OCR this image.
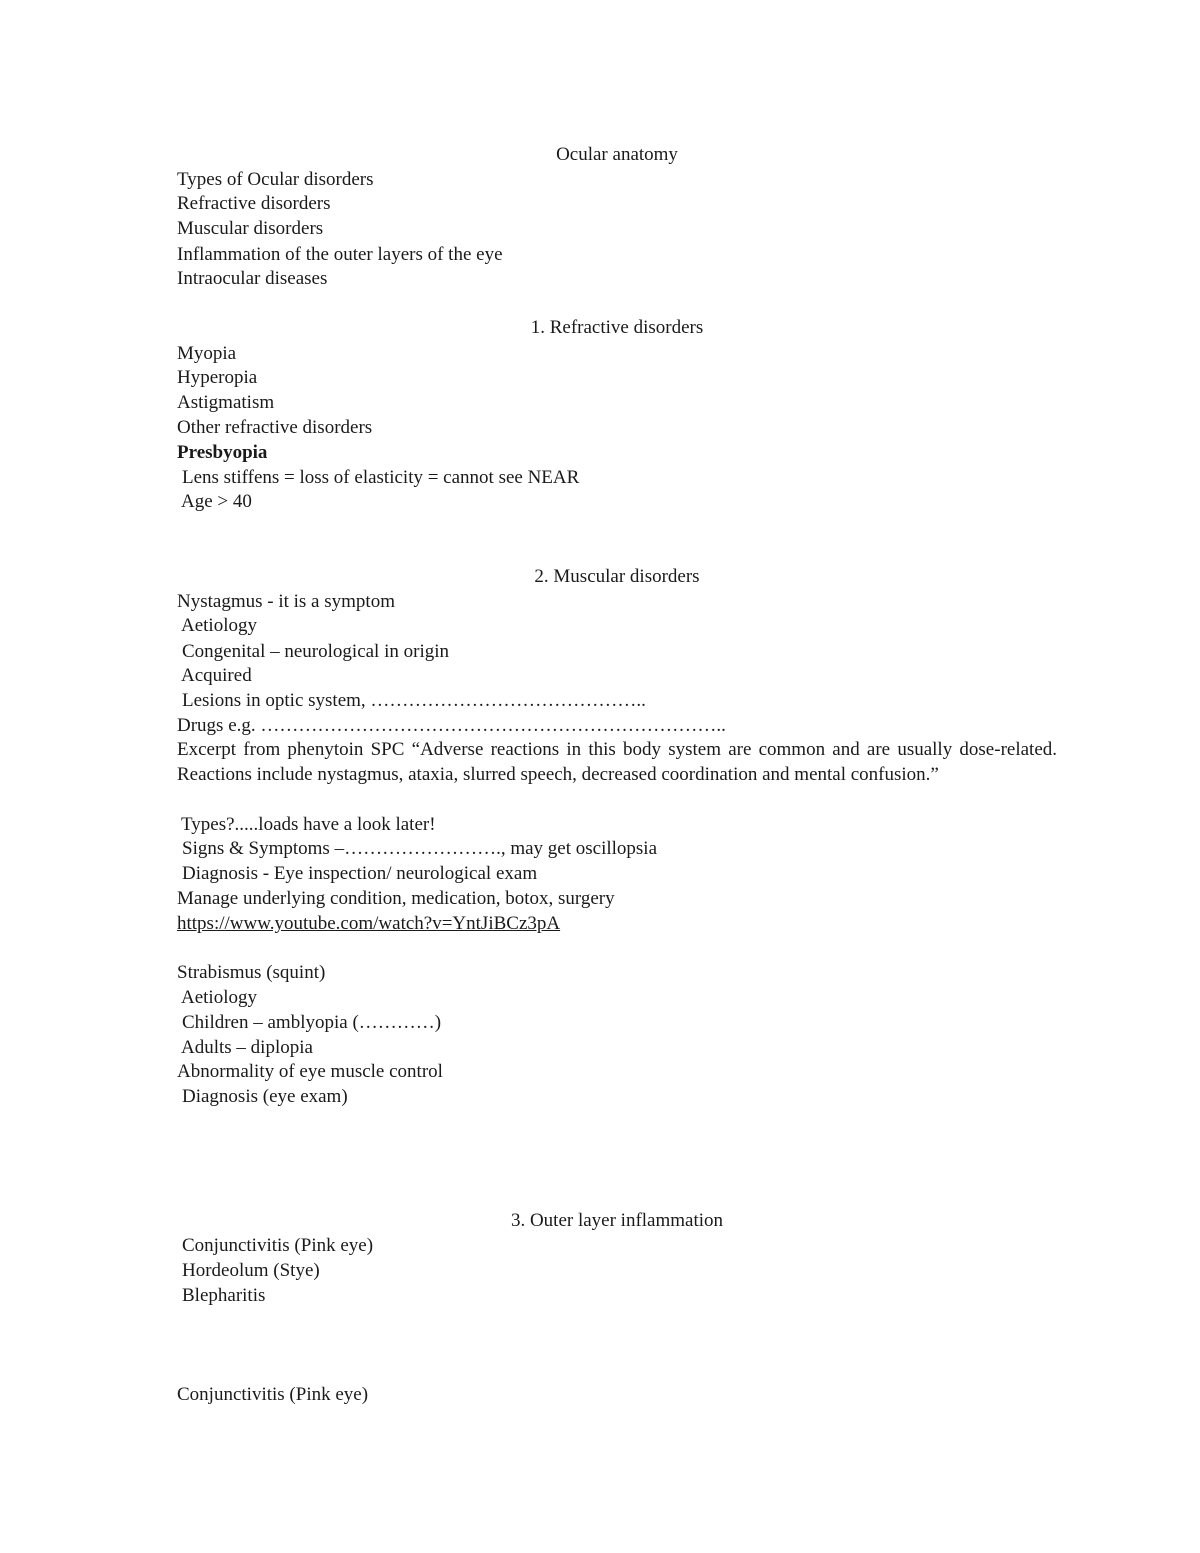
Ocular anatomy
Types of Ocular disorders
Refractive disorders
Muscular disorders
Inflammation of the outer layers of the eye
Intraocular diseases
1. Refractive disorders
Myopia
Hyperopia
Astigmatism
Other refractive disorders
Presbyopia
Lens stiffens = loss of elasticity = cannot see NEAR
Age > 40
2. Muscular disorders
Nystagmus - it is a symptom
Aetiology
Congenital – neurological in origin
Acquired
Lesions in optic system, ……………………………………..
Drugs e.g. ………………………………………………………………..
Excerpt from phenytoin SPC “Adverse reactions in this body system are common and are usually dose-related. Reactions include nystagmus, ataxia, slurred speech, decreased coordination and mental confusion.”
Types?.....loads have a look later!
Signs & Symptoms –……………………., may get oscillopsia
Diagnosis - Eye inspection/ neurological exam
Manage underlying condition, medication, botox, surgery
https://www.youtube.com/watch?v=YntJiBCz3pA
Strabismus (squint)
Aetiology
Children – amblyopia (…………)
Adults – diplopia
Abnormality of eye muscle control
Diagnosis (eye exam)
3. Outer layer inflammation
Conjunctivitis (Pink eye)
Hordeolum (Stye)
Blepharitis
Conjunctivitis (Pink eye)
